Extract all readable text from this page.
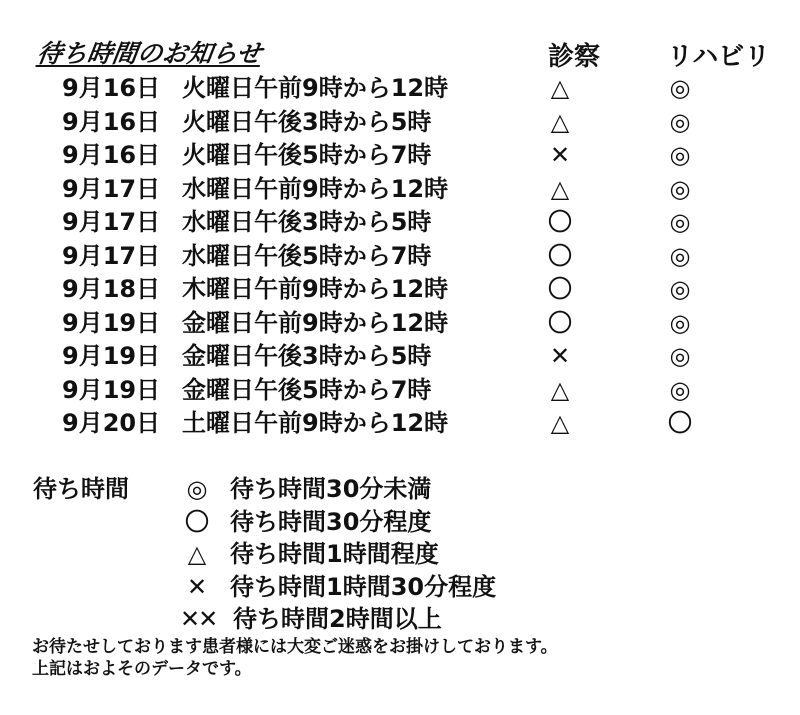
待ち時間のお知らせ	診察	リハビリ
9月16日 火曜日午前9時から12時	△	◎
9月16日 火曜日午後3時から5時	△	◎
9月16日 火曜日午後5時から7時	✕	◎
9月17日 水曜日午前9時から12時	△	◎
9月17日 水曜日午後3時から5時	〇	◎
9月17日 水曜日午後5時から7時	〇	◎
9月18日 木曜日午前9時から12時	〇	◎
9月19日 金曜日午前9時から12時	〇	◎
9月19日 金曜日午後3時から5時	✕	◎
9月19日 金曜日午後5時から7時	△	◎
9月20日 土曜日午前9時から12時	△	〇
待ち時間 ◎ 待ち時間30分未満
〇 待ち時間30分程度
△ 待ち時間1時間程度
✕ 待ち時間1時間30分程度
✕✕ 待ち時間2時間以上
お待たせしております患者様には大変ご迷惑をお掛けしております。
上記はおよそのデータです。
